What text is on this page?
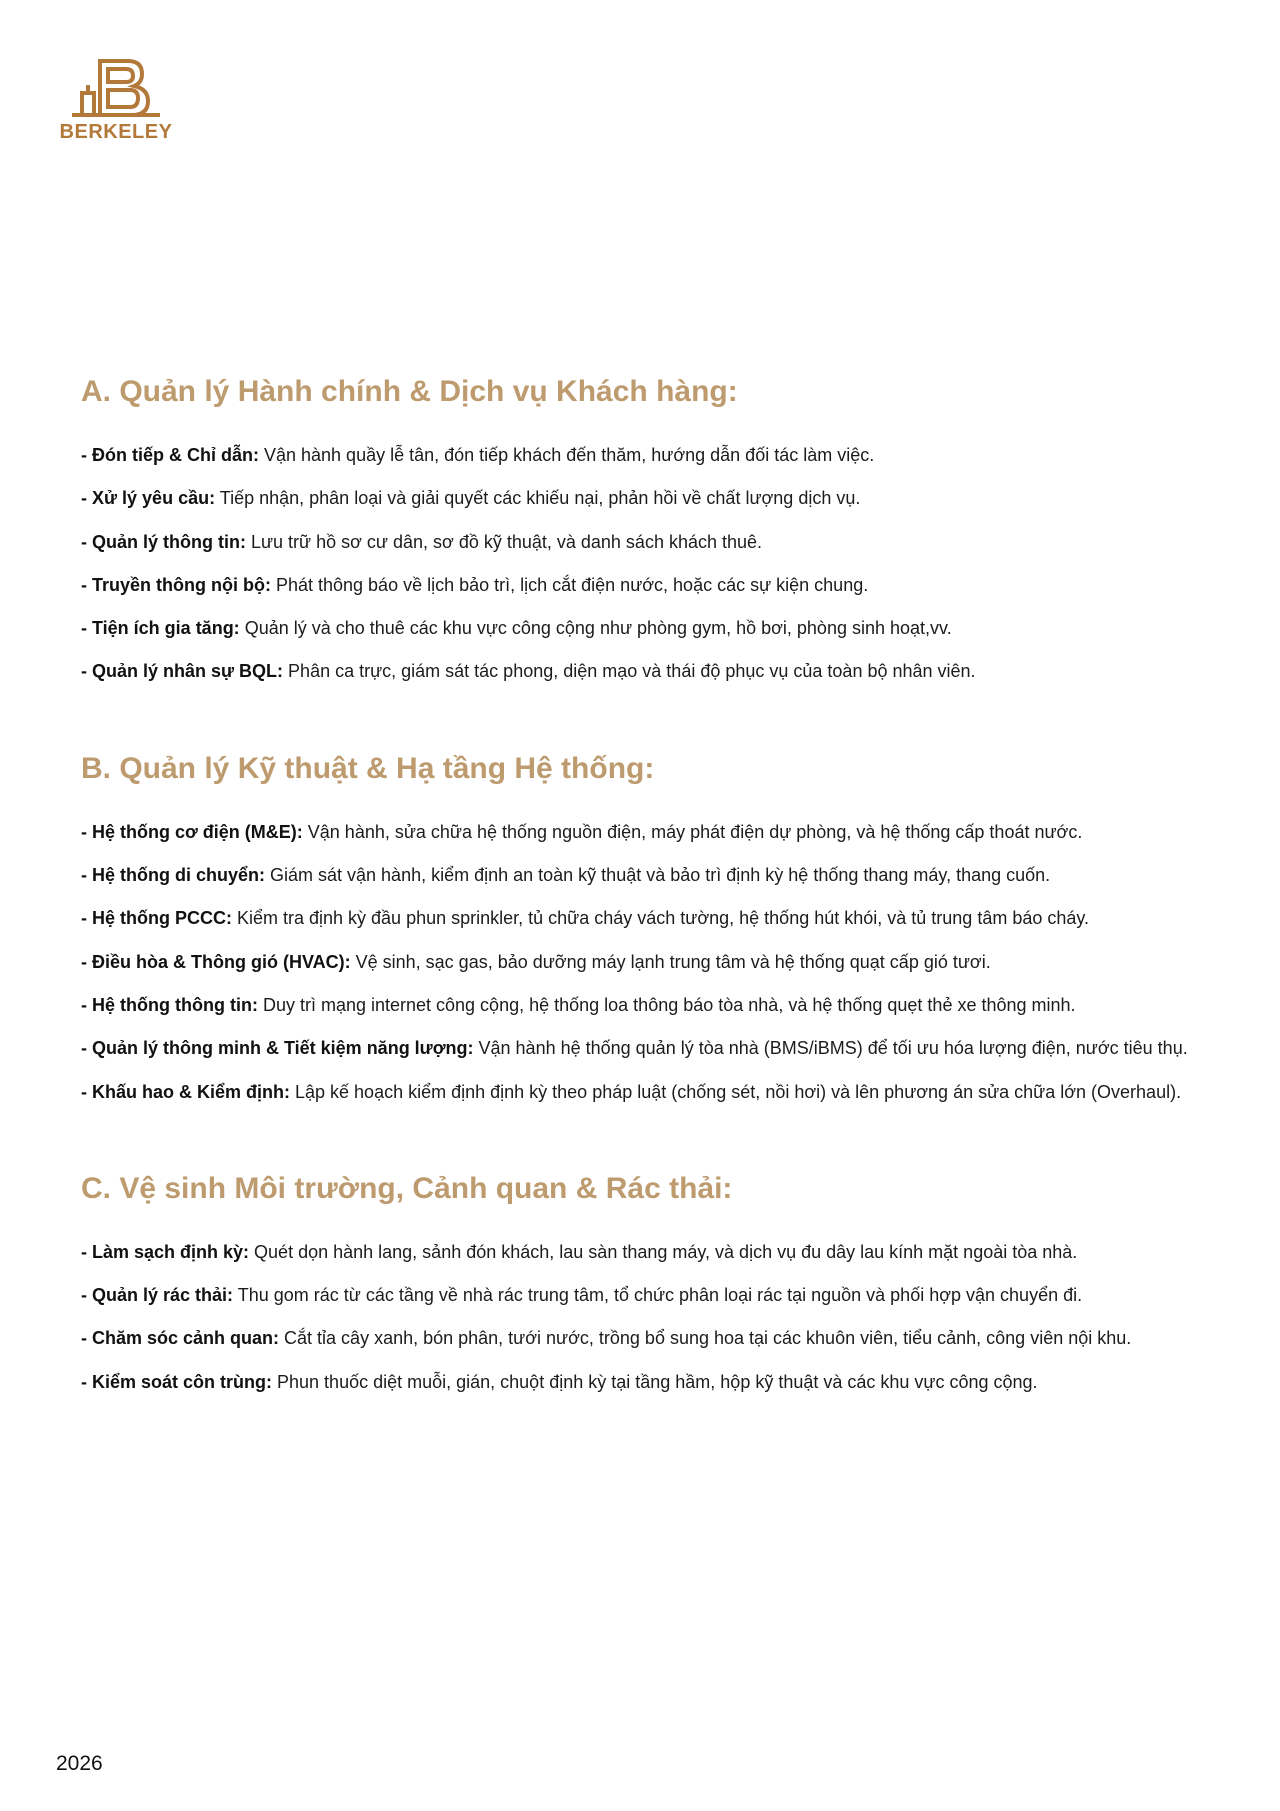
BERKELEY
A. Quản lý Hành chính & Dịch vụ Khách hàng:

- Đón tiếp & Chỉ dẫn: Vận hành quầy lễ tân, đón tiếp khách đến thăm, hướng dẫn đối tác làm việc.

- Xử lý yêu cầu: Tiếp nhận, phân loại và giải quyết các khiếu nại, phản hồi về chất lượng dịch vụ.

- Quản lý thông tin: Lưu trữ hồ sơ cư dân, sơ đồ kỹ thuật, và danh sách khách thuê.

- Truyền thông nội bộ: Phát thông báo về lịch bảo trì, lịch cắt điện nước, hoặc các sự kiện chung.

- Tiện ích gia tăng: Quản lý và cho thuê các khu vực công cộng như phòng gym, hồ bơi, phòng sinh hoạt,vv.

- Quản lý nhân sự BQL: Phân ca trực, giám sát tác phong, diện mạo và thái độ phục vụ của toàn bộ nhân viên.

B. Quản lý Kỹ thuật & Hạ tầng Hệ thống:

- Hệ thống cơ điện (M&E): Vận hành, sửa chữa hệ thống nguồn điện, máy phát điện dự phòng, và hệ thống cấp thoát nước.

- Hệ thống di chuyển: Giám sát vận hành, kiểm định an toàn kỹ thuật và bảo trì định kỳ hệ thống thang máy, thang cuốn.

- Hệ thống PCCC: Kiểm tra định kỳ đầu phun sprinkler, tủ chữa cháy vách tường, hệ thống hút khói, và tủ trung tâm báo cháy.

- Điều hòa & Thông gió (HVAC): Vệ sinh, sạc gas, bảo dưỡng máy lạnh trung tâm và hệ thống quạt cấp gió tươi.

- Hệ thống thông tin: Duy trì mạng internet công cộng, hệ thống loa thông báo tòa nhà, và hệ thống quẹt thẻ xe thông minh.

- Quản lý thông minh & Tiết kiệm năng lượng: Vận hành hệ thống quản lý tòa nhà (BMS/iBMS) để tối ưu hóa lượng điện, nước tiêu thụ.

- Khấu hao & Kiểm định: Lập kế hoạch kiểm định định kỳ theo pháp luật (chống sét, nồi hơi) và lên phương án sửa chữa lớn (Overhaul).

C. Vệ sinh Môi trường, Cảnh quan & Rác thải:

- Làm sạch định kỳ: Quét dọn hành lang, sảnh đón khách, lau sàn thang máy, và dịch vụ đu dây lau kính mặt ngoài tòa nhà.

- Quản lý rác thải: Thu gom rác từ các tầng về nhà rác trung tâm, tổ chức phân loại rác tại nguồn và phối hợp vận chuyển đi.

- Chăm sóc cảnh quan: Cắt tỉa cây xanh, bón phân, tưới nước, trồng bổ sung hoa tại các khuôn viên, tiểu cảnh, công viên nội khu.

- Kiểm soát côn trùng: Phun thuốc diệt muỗi, gián, chuột định kỳ tại tầng hầm, hộp kỹ thuật và các khu vực công cộng.

2026
